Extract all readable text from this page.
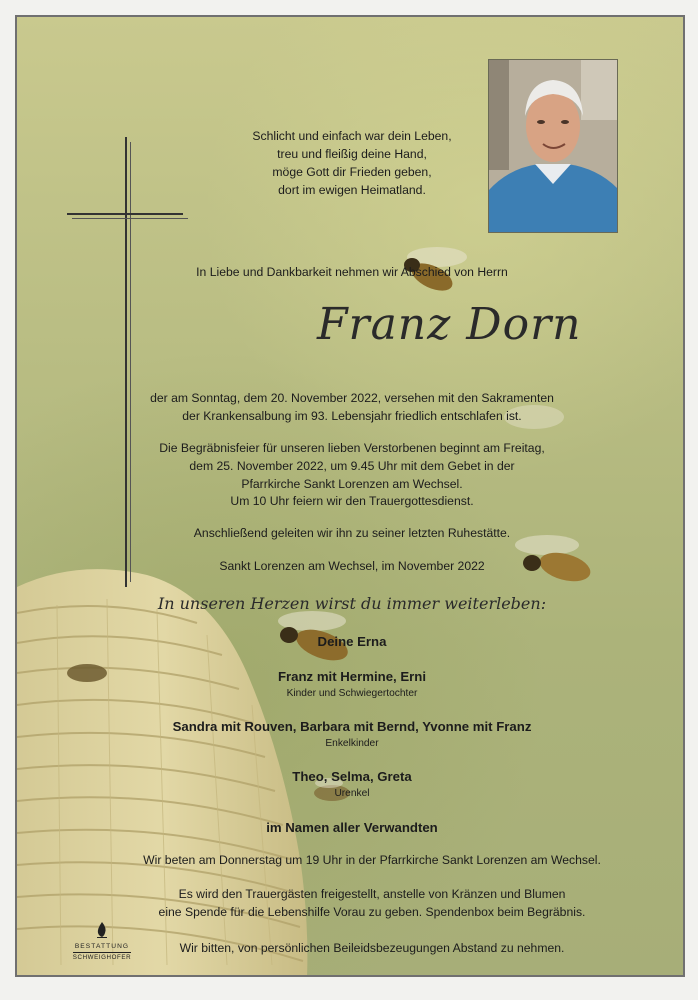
Schlicht und einfach war dein Leben,
treu und fleißig deine Hand,
möge Gott dir Frieden geben,
dort im ewigen Heimatland.
In Liebe und Dankbarkeit nehmen wir Abschied von Herrn
Franz Dorn
der am Sonntag, dem 20. November 2022, versehen mit den Sakramenten
der Krankensalbung im 93. Lebensjahr friedlich entschlafen ist.
Die Begräbnisfeier für unseren lieben Verstorbenen beginnt am Freitag,
dem 25. November 2022, um 9.45 Uhr mit dem Gebet in der
Pfarrkirche Sankt Lorenzen am Wechsel.
Um 10 Uhr feiern wir den Trauergottesdienst.
Anschließend geleiten wir ihn zu seiner letzten Ruhestätte.
Sankt Lorenzen am Wechsel, im November 2022
In unseren Herzen wirst du immer weiterleben:
Deine Erna
Franz mit Hermine, Erni
Kinder und Schwiegertochter
Sandra mit Rouven, Barbara mit Bernd, Yvonne mit Franz
Enkelkinder
Theo, Selma, Greta
Urenkel
im Namen aller Verwandten
Wir beten am Donnerstag um 19 Uhr in der Pfarrkirche Sankt Lorenzen am Wechsel.
Es wird den Trauergästen freigestellt, anstelle von Kränzen und Blumen
eine Spende für die Lebenshilfe Vorau zu geben. Spendenbox beim Begräbnis.
Wir bitten, von persönlichen Beileidsbezeugungen Abstand zu nehmen.
BESTATTUNG
SCHWEIGHOFER
